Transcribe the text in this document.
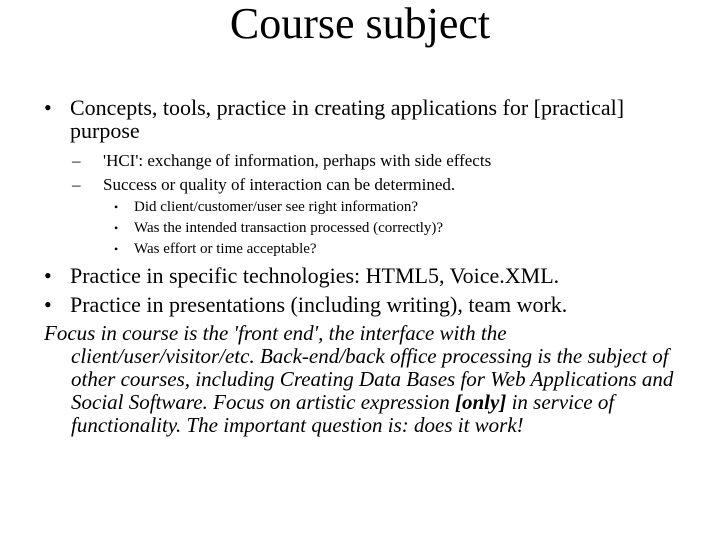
Course subject
• Concepts, tools, practice in creating applications for [practical] purpose
– 'HCI': exchange of information, perhaps with side effects
– Success or quality of interaction can be determined.
• Did client/customer/user see right information?
• Was the intended transaction processed (correctly)?
• Was effort or time acceptable?
• Practice in specific technologies: HTML5, Voice.XML.
• Practice in presentations (including writing), team work.
Focus in course is the 'front end', the interface with the
client/user/visitor/etc. Back-end/back office processing is the subject of other courses, including Creating Data Bases for Web Applications and Social Software. Focus on artistic expression [only] in service of functionality. The important question is: does it work!
